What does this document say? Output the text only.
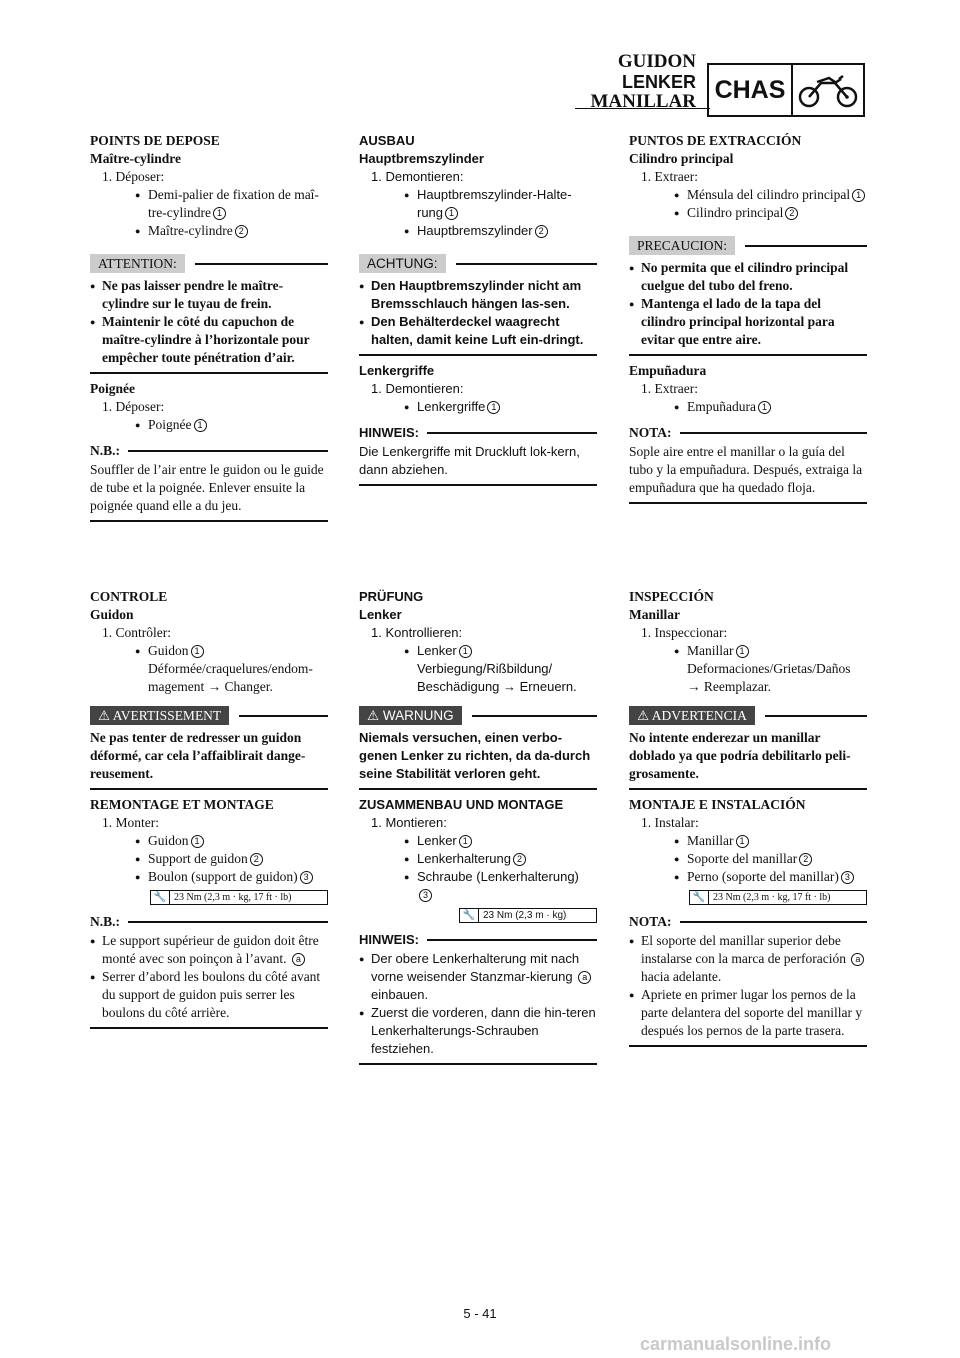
GUIDON
LENKER
MANILLAR CHAS
POINTS DE DEPOSE
Maître-cylindre
1. Déposer:
● Demi-palier de fixation de maî-tre-cylindre 1
● Maître-cylindre 2
ATTENTION:
● Ne pas laisser pendre le maître-cylindre sur le tuyau de frein.
● Maintenir le côté du capuchon de maître-cylindre à l’horizontale pour empêcher toute pénétration d’air.
Poignée
1. Déposer:
● Poignée 1
N.B.:
Souffler de l’air entre le guidon ou le guide de tube et la poignée. Enlever ensuite la poignée quand elle a du jeu.
AUSBAU
Hauptbremszylinder
1. Demontieren:
● Hauptbremszylinder-Halte-rung 1
● Hauptbremszylinder 2
ACHTUNG:
● Den Hauptbremszylinder nicht am Bremsschlauch hängen las-sen.
● Den Behälterdeckel waagrecht halten, damit keine Luft ein-dringt.
Lenkergriffe
1. Demontieren:
● Lenkergriffe 1
HINWEIS:
Die Lenkergriffe mit Druckluft lok-kern, dann abziehen.
PUNTOS DE EXTRACCIÓN
Cilindro principal
1. Extraer:
● Ménsula del cilindro principal 1
● Cilindro principal 2
PRECAUCION:
● No permita que el cilindro principal cuelgue del tubo del freno.
● Mantenga el lado de la tapa del cilindro principal horizontal para evitar que entre aire.
Empuñadura
1. Extraer:
● Empuñadura 1
NOTA:
Sople aire entre el manillar o la guía del tubo y la empuñadura. Después, extraiga la empuñadura que ha quedado floja.
CONTROLE
Guidon
1. Contrôler:
● Guidon 1
Déformée/craquelures/endom-magement → Changer.
⚠ AVERTISSEMENT
Ne pas tenter de redresser un guidon déformé, car cela l’affaiblirait dange-reusement.
REMONTAGE ET MONTAGE
1. Monter:
● Guidon 1
● Support de guidon 2
● Boulon (support de guidon) 3
🔧 23 Nm (2,3 m · kg, 17 ft · lb)
N.B.:
● Le support supérieur de guidon doit être monté avec son poinçon à l’avant. a
● Serrer d’abord les boulons du côté avant du support de guidon puis serrer les boulons du côté arrière.
PRÜFUNG
Lenker
1. Kontrollieren:
● Lenker 1
Verbiegung/Rißbildung/ Beschädigung → Erneuern.
⚠ WARNUNG
Niemals versuchen, einen verbo-genen Lenker zu richten, da da-durch seine Stabilität verloren geht.
ZUSAMMENBAU UND MONTAGE
1. Montieren:
● Lenker 1
● Lenkerhalterung 2
● Schraube (Lenkerhalterung) 3
🔧 23 Nm (2,3 m · kg)
HINWEIS:
● Der obere Lenkerhalterung mit nach vorne weisender Stanzmar-kierung a einbauen.
● Zuerst die vorderen, dann die hin-teren Lenkerhalterungs-Schrauben festziehen.
INSPECCIÓN
Manillar
1. Inspeccionar:
● Manillar 1
Deformaciones/Grietas/Daños → Reemplazar.
⚠ ADVERTENCIA
No intente enderezar un manillar doblado ya que podría debilitarlo peli-grosamente.
MONTAJE E INSTALACIÓN
1. Instalar:
● Manillar 1
● Soporte del manillar 2
● Perno (soporte del manillar) 3
🔧 23 Nm (2,3 m · kg, 17 ft · lb)
NOTA:
● El soporte del manillar superior debe instalarse con la marca de perforación a hacia adelante.
● Apriete en primer lugar los pernos de la parte delantera del soporte del manillar y después los pernos de la parte trasera.
5 - 41
carmanualsonline.info
